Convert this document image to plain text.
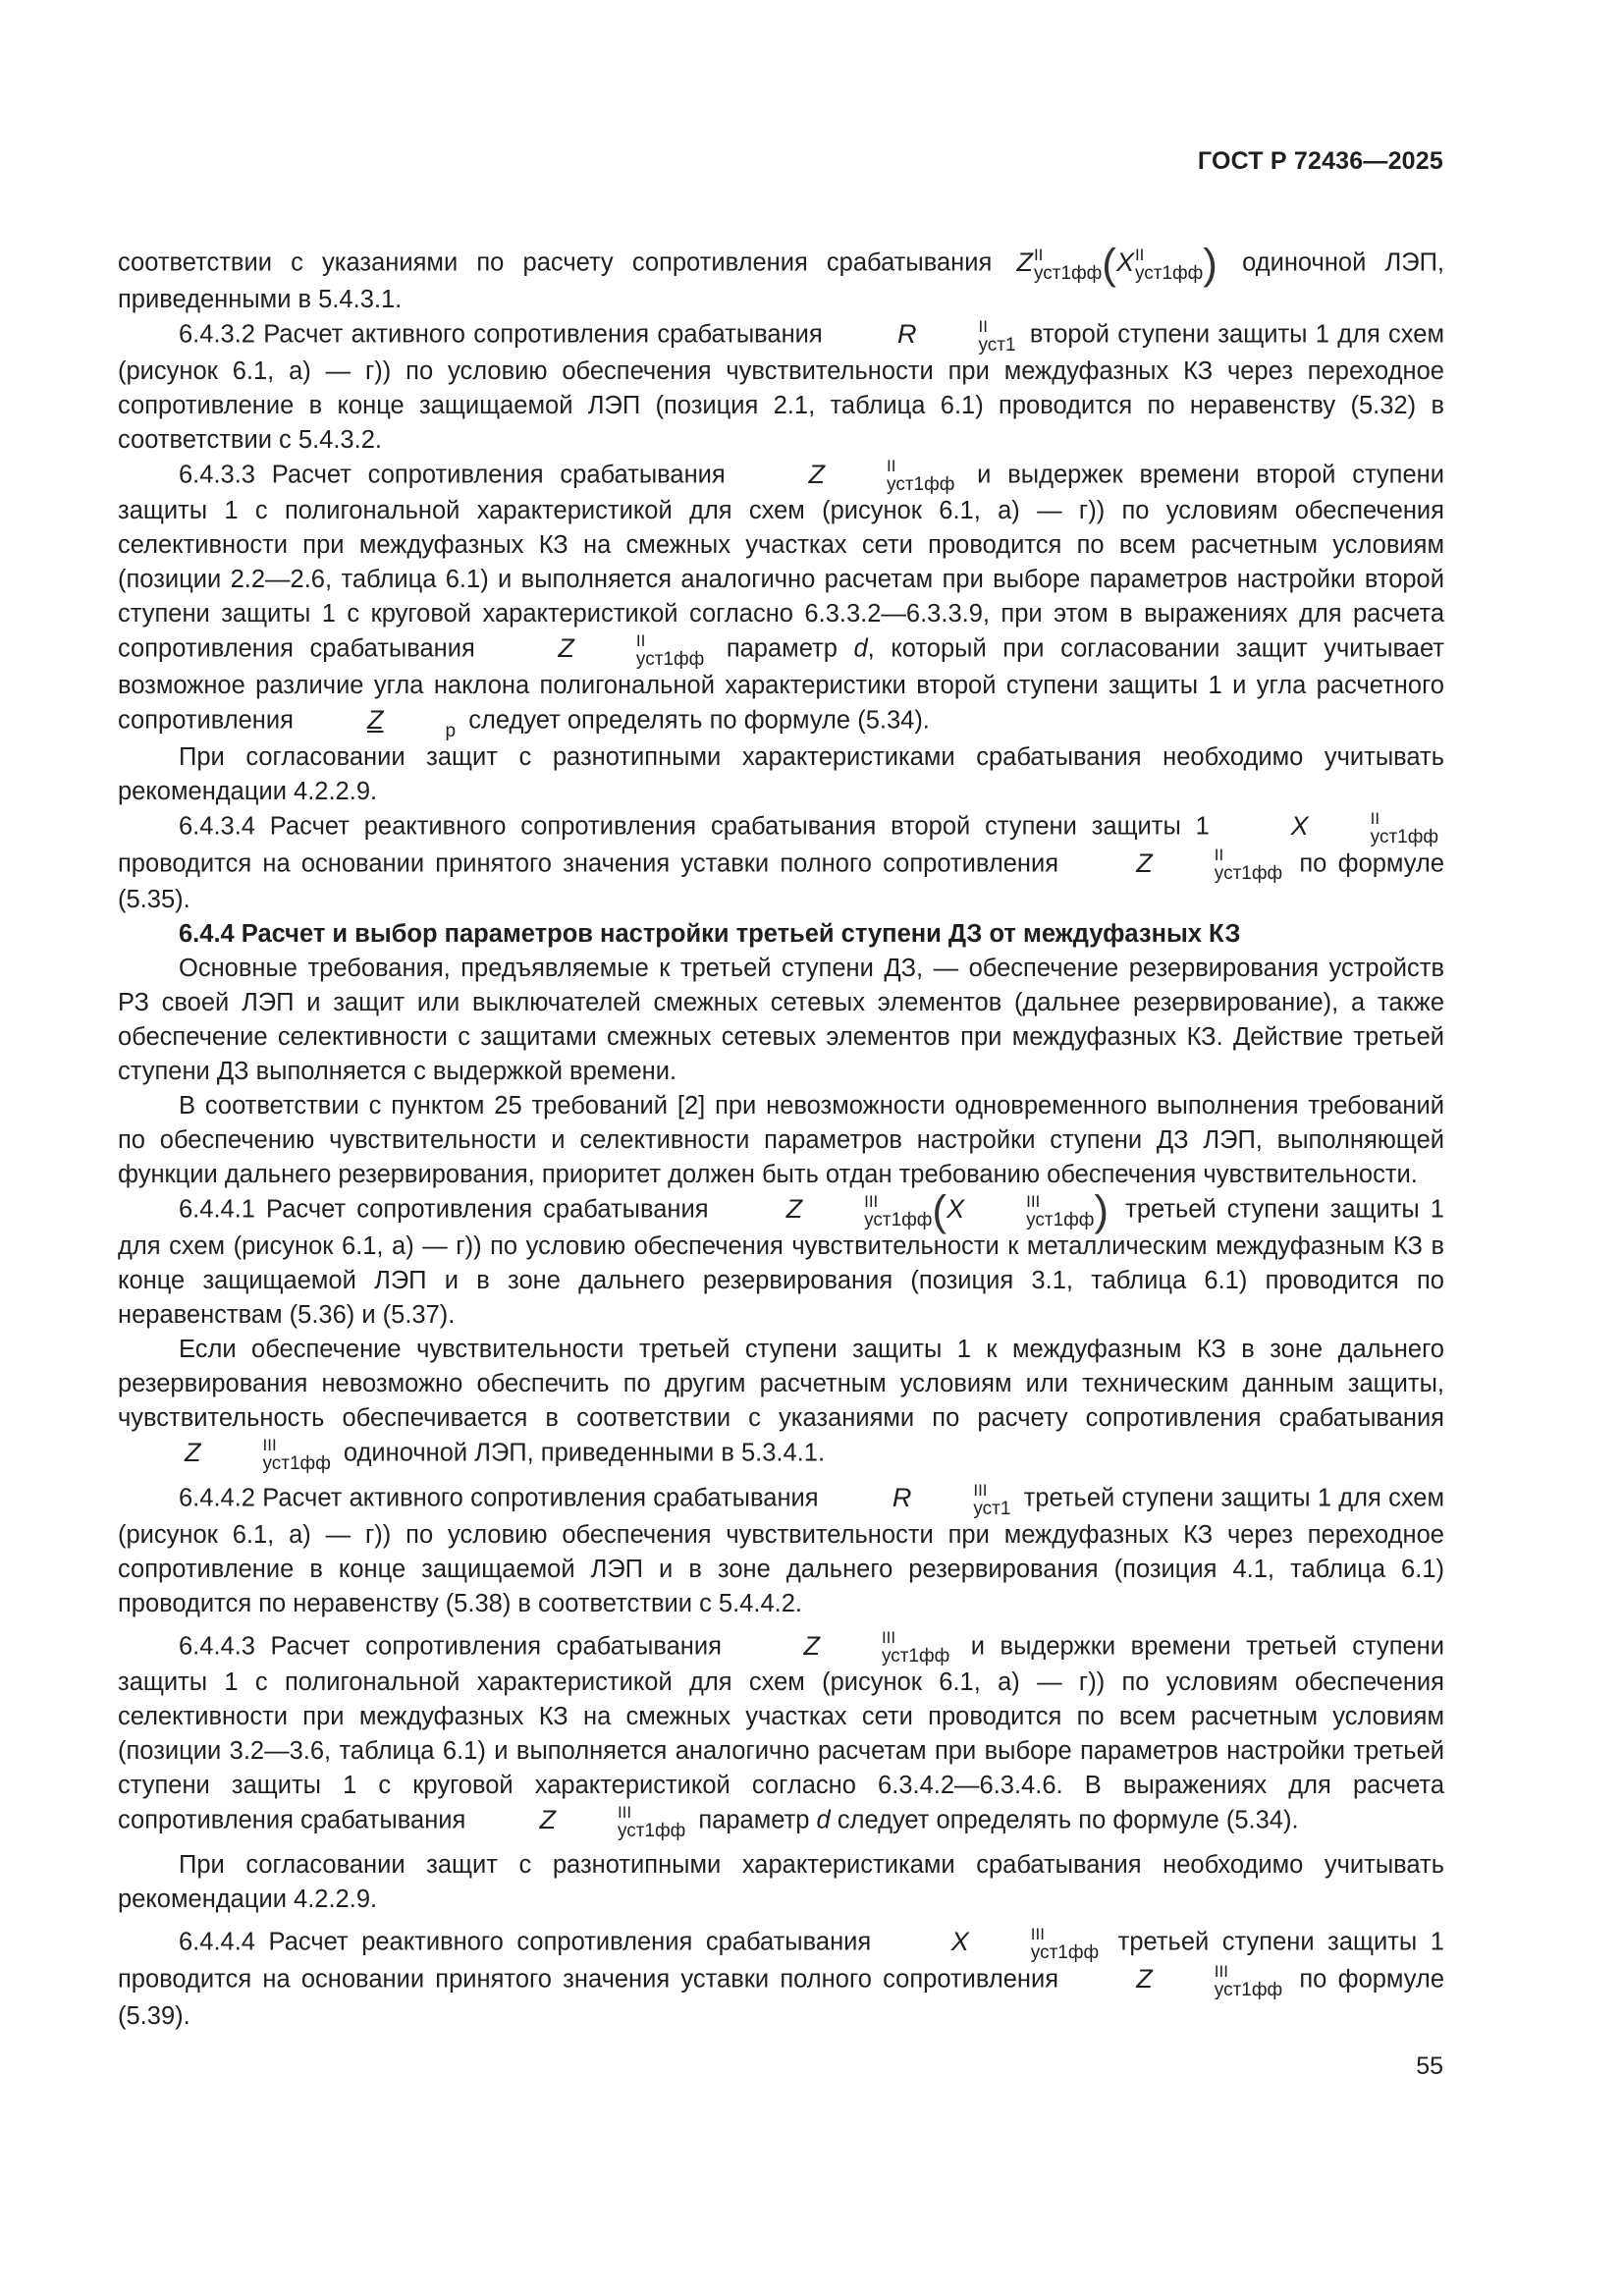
ГОСТ Р 72436—2025

соответствии с указаниями по расчету сопротивления срабатывания Z II
уст1фф (X II
уст1фф ) одиночной ЛЭП, приведенными в 5.4.3.1.

6.4.3.2 Расчет активного сопротивления срабатывания	R	II
уст1 второй ступени защиты 1 для схем (рисунок 6.1, а) — г)) по условию обеспечения чувствительности при междуфазных КЗ через переходное сопротивление в конце защищаемой ЛЭП (позиция 2.1, таблица 6.1) проводится по неравенству (5.32) в соответствии с 5.4.3.2.

6.4.3.3 Расчет сопротивления срабатывания	Z	II
уст1фф и выдержек времени второй ступени защиты 1 с полигональной характеристикой для схем (рисунок 6.1, а) — г)) по условиям обеспечения селективности при междуфазных КЗ на смежных участках сети проводится по всем расчетным условиям (позиции 2.2—2.6, таблица 6.1) и выполняется аналогично расчетам при выборе параметров настройки второй ступени защиты 1 с круговой характеристикой согласно 6.3.3.2—6.3.3.9, при этом в выражениях для расчета сопротивления срабатывания	Z	II
уст1фф параметр d, который при согласовании защит учитывает возможное различие угла наклона полигональной характеристики второй ступени защиты 1 и угла расчетного сопротивления	Z
	p следует определять по формуле (5.34).

При согласовании защит с разнотипными характеристиками срабатывания необходимо учитывать рекомендации 4.2.2.9.

6.4.3.4 Расчет реактивного сопротивления срабатывания второй ступени защиты 1	X	II
уст1фф
проводится на основании принятого значения уставки полного сопротивления	Z	II
уст1фф по формуле (5.35).

6.4.4 Расчет и выбор параметров настройки третьей ступени ДЗ от междуфазных КЗ

Основные требования, предъявляемые к третьей ступени ДЗ, — обеспечение резервирования устройств РЗ своей ЛЭП и защит или выключателей смежных сетевых элементов (дальнее резервирование), а также обеспечение селективности с защитами смежных сетевых элементов при междуфазных КЗ. Действие третьей ступени ДЗ выполняется с выдержкой времени.

В соответствии с пунктом 25 требований [2] при невозможности одновременного выполнения требований по обеспечению чувствительности и селективности параметров настройки ступени ДЗ ЛЭП, выполняющей функции дальнего резервирования, приоритет должен быть отдан требованию обеспечения чувствительности.

6.4.4.1 Расчет сопротивления срабатывания	Z	III
уст1фф (X	III
уст1фф ) третьей ступени защиты 1 для схем (рисунок 6.1, а) — г)) по условию обеспечения чувствительности к металлическим междуфазным КЗ в конце защищаемой ЛЭП и в зоне дальнего резервирования (позиция 3.1, таблица 6.1) проводится по неравенствам (5.36) и (5.37).

Если обеспечение чувствительности третьей ступени защиты 1 к междуфазным КЗ в зоне дальнего резервирования невозможно обеспечить по другим расчетным условиям или техническим данным защиты, чувствительность обеспечивается в соответствии с указаниями по расчету сопротивления срабатывания Z	III
уст1фф одиночной ЛЭП, приведенными в 5.3.4.1.

6.4.4.2 Расчет активного сопротивления срабатывания	R	III
уст1 третьей ступени защиты 1 для схем (рисунок 6.1, а) — г)) по условию обеспечения чувствительности при междуфазных КЗ через переходное сопротивление в конце защищаемой ЛЭП и в зоне дальнего резервирования (позиция 4.1, таблица 6.1) проводится по неравенству (5.38) в соответствии с 5.4.4.2.

6.4.4.3 Расчет сопротивления срабатывания	Z	III
уст1фф и выдержки времени третьей ступени защиты 1 с полигональной характеристикой для схем (рисунок 6.1, а) — г)) по условиям обеспечения селективности при междуфазных КЗ на смежных участках сети проводится по всем расчетным условиям (позиции 3.2—3.6, таблица 6.1) и выполняется аналогично расчетам при выборе параметров настройки третьей ступени защиты 1 с круговой характеристикой согласно 6.3.4.2—6.3.4.6. В выражениях для расчета сопротивления срабатывания	Z	III
уст1фф параметр d следует определять по формуле (5.34).

При согласовании защит с разнотипными характеристиками срабатывания необходимо учитывать рекомендации 4.2.2.9.

6.4.4.4 Расчет реактивного сопротивления срабатывания	X	III
уст1фф третьей ступени защиты 1 проводится на основании принятого значения уставки полного сопротивления	Z	III
уст1фф по формуле (5.39).

55
